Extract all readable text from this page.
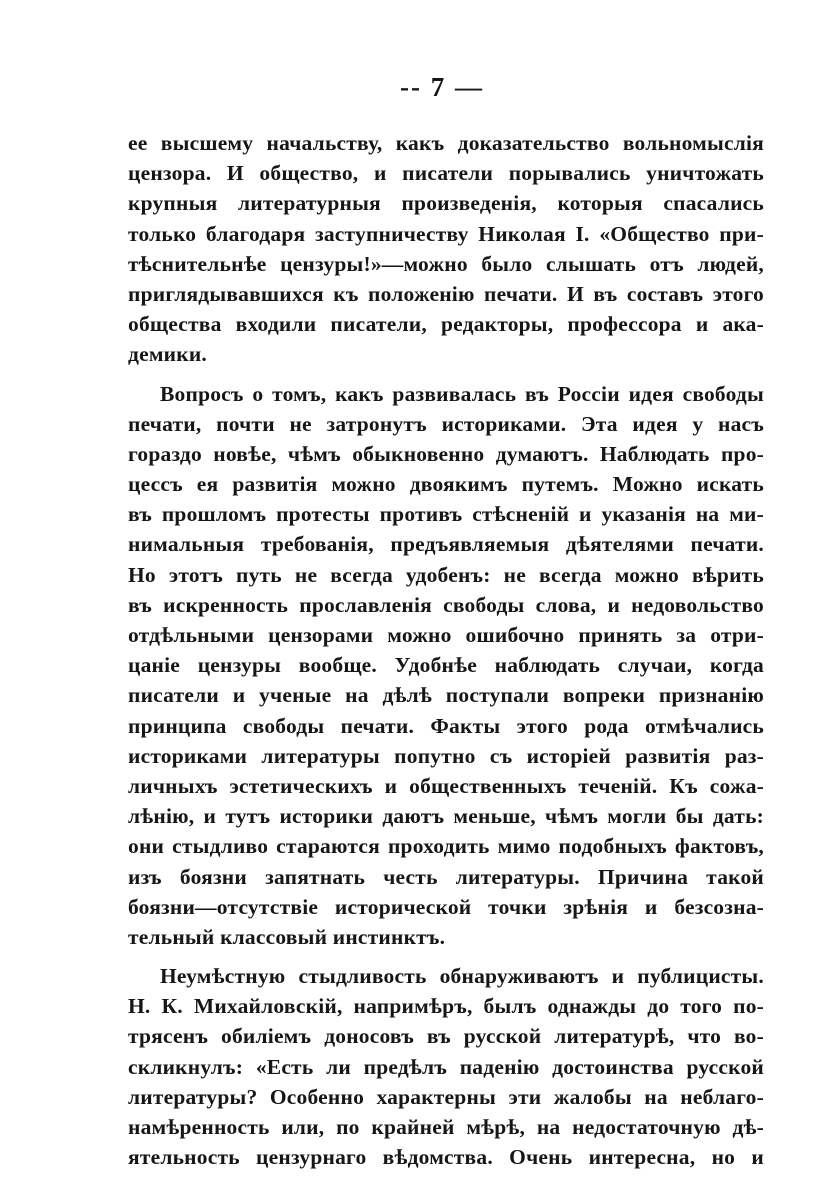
-- 7 —
ее высшему начальству, какъ доказательство вольномыслія
цензора. И общество, и писатели порывались уничтожать
крупныя литературныя произведенія, которыя спасались
только благодаря заступничеству Николая I. «Общество при-
тѣснительнѣе цензуры!»—можно было слышать отъ людей,
приглядывавшихся къ положенію печати. И въ составъ этого
общества входили писатели, редакторы, профессора и ака-
демики.
Вопросъ о томъ, какъ развивалась въ Россіи идея свободы
печати, почти не затронутъ историками. Эта идея у насъ
гораздо новѣе, чѣмъ обыкновенно думаютъ. Наблюдать про-
цессъ ея развитія можно двоякимъ путемъ. Можно искать
въ прошломъ протесты противъ стѣсненій и указанія на ми-
нимальныя требованія, предъявляемыя дѣятелями печати.
Но этотъ путь не всегда удобенъ: не всегда можно вѣрить
въ искренность прославленія свободы слова, и недовольство
отдѣльными цензорами можно ошибочно принять за отри-
цаніе цензуры вообще. Удобнѣе наблюдать случаи, когда
писатели и ученые на дѣлѣ поступали вопреки признанію
принципа свободы печати. Факты этого рода отмѣчались
историками литературы попутно съ исторіей развитія раз-
личныхъ эстетическихъ и общественныхъ теченій. Къ сожа-
лѣнію, и тутъ историки даютъ меньше, чѣмъ могли бы дать:
они стыдливо стараются проходить мимо подобныхъ фактовъ,
изъ боязни запятнать честь литературы. Причина такой
боязни—отсутствіе исторической точки зрѣнія и безсозна-
тельный классовый инстинктъ.
Неумѣстную стыдливость обнаруживаютъ и публицисты.
Н. К. Михайловскій, напримѣръ, былъ однажды до того по-
трясенъ обиліемъ доносовъ въ русской литературѣ, что во-
скликнулъ: «Есть ли предѣлъ паденію достоинства русской
литературы? Особенно характерны эти жалобы на неблаго-
намѣренность или, по крайней мѣрѣ, на недостаточную дѣ-
ятельность цензурнаго вѣдомства. Очень интересна, но и
